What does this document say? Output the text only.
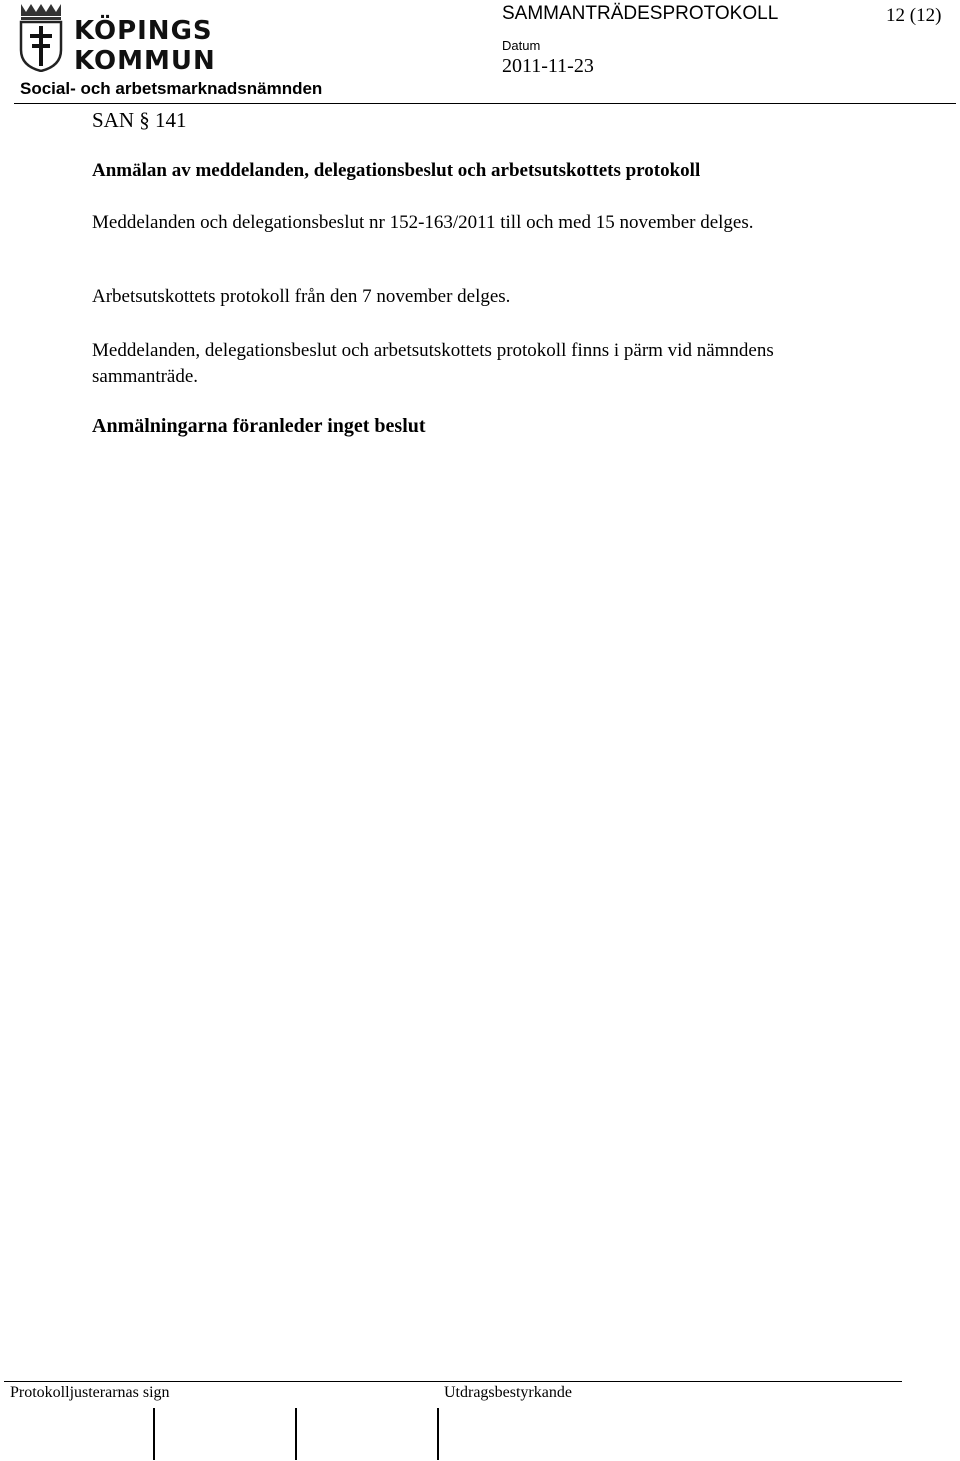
KÖPINGS KOMMUN
Social- och arbetsmarknadsnämnden
SAMMANTRÄDESPROTOKOLL	12 (12)
Datum
2011-11-23
SAN § 141
Anmälan av meddelanden, delegationsbeslut och arbetsutskottets protokoll
Meddelanden och delegationsbeslut nr 152-163/2011 till och med 15 november delges.
Arbetsutskottets protokoll från den 7 november delges.
Meddelanden, delegationsbeslut och arbetsutskottets protokoll finns i pärm vid nämndens sammanträde.
Anmälningarna föranleder inget beslut
Protokolljusterarnas sign	Utdragsbestyrkande
